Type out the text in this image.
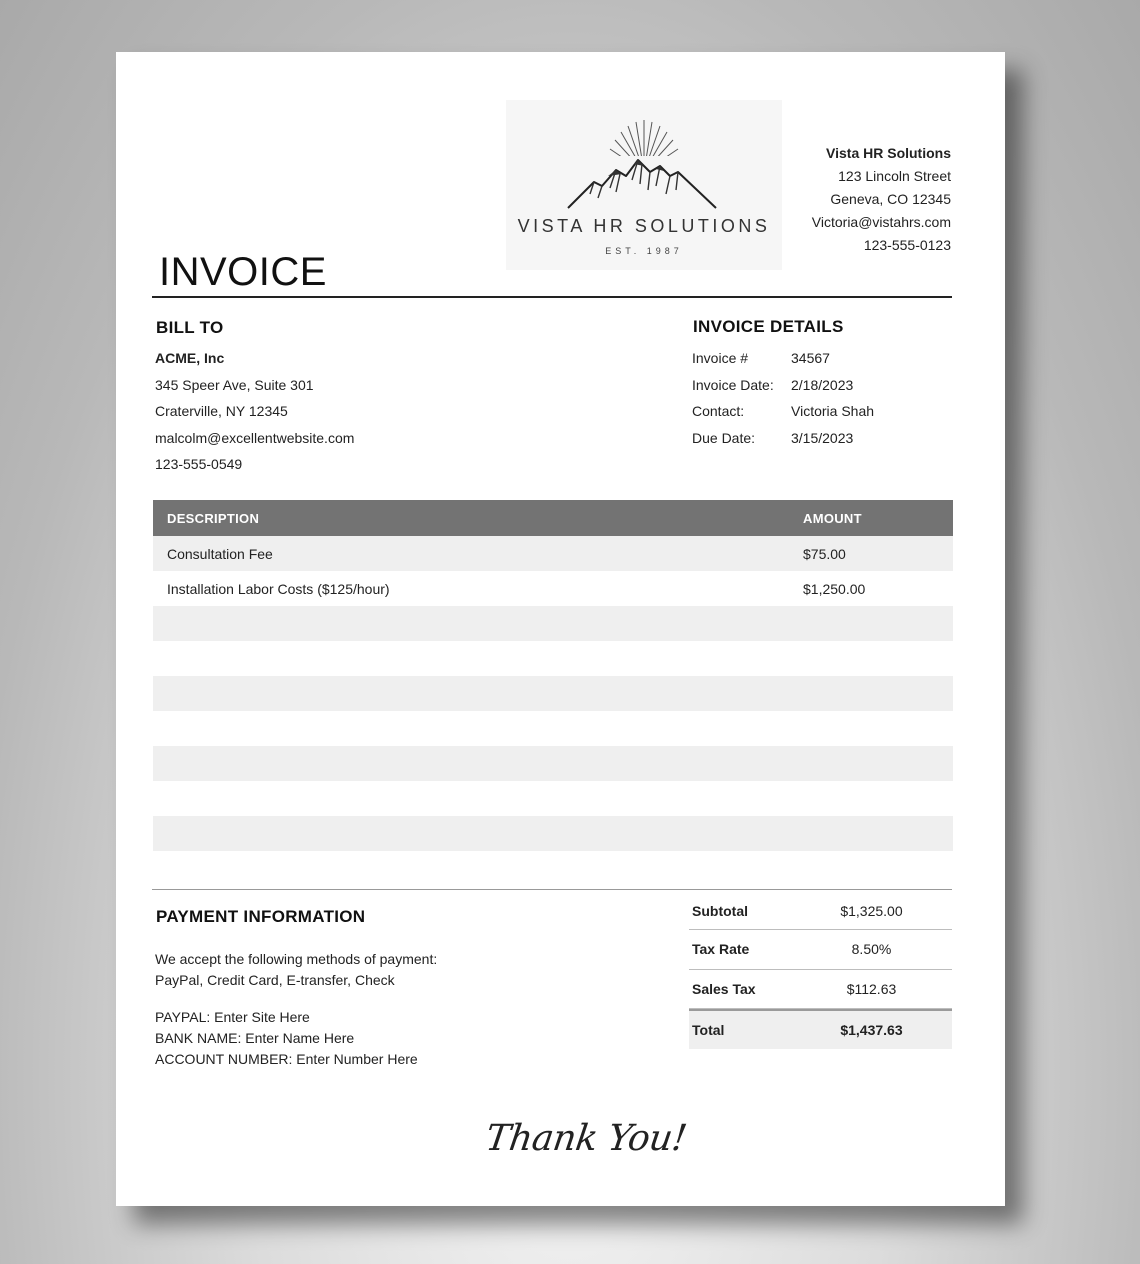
VISTA HR SOLUTIONS
EST. 1987
Vista HR Solutions
123 Lincoln Street
Geneva, CO 12345
Victoria@vistahrs.com
123-555-0123
INVOICE
BILL TO
ACME, Inc
345 Speer Ave, Suite 301
Craterville, NY 12345
malcolm@excellentwebsite.com
123-555-0549
INVOICE DETAILS
Invoice #	34567
Invoice Date:	2/18/2023
Contact:	Victoria Shah
Due Date:	3/15/2023
DESCRIPTION	AMOUNT
Consultation Fee	$75.00
Installation Labor Costs ($125/hour)	$1,250.00
PAYMENT INFORMATION
We accept the following methods of payment:
PayPal, Credit Card, E-transfer, Check
PAYPAL: Enter Site Here
BANK NAME: Enter Name Here
ACCOUNT NUMBER: Enter Number Here
Subtotal	$1,325.00
Tax Rate	8.50%
Sales Tax	$112.63
Total	$1,437.63
Thank You!
